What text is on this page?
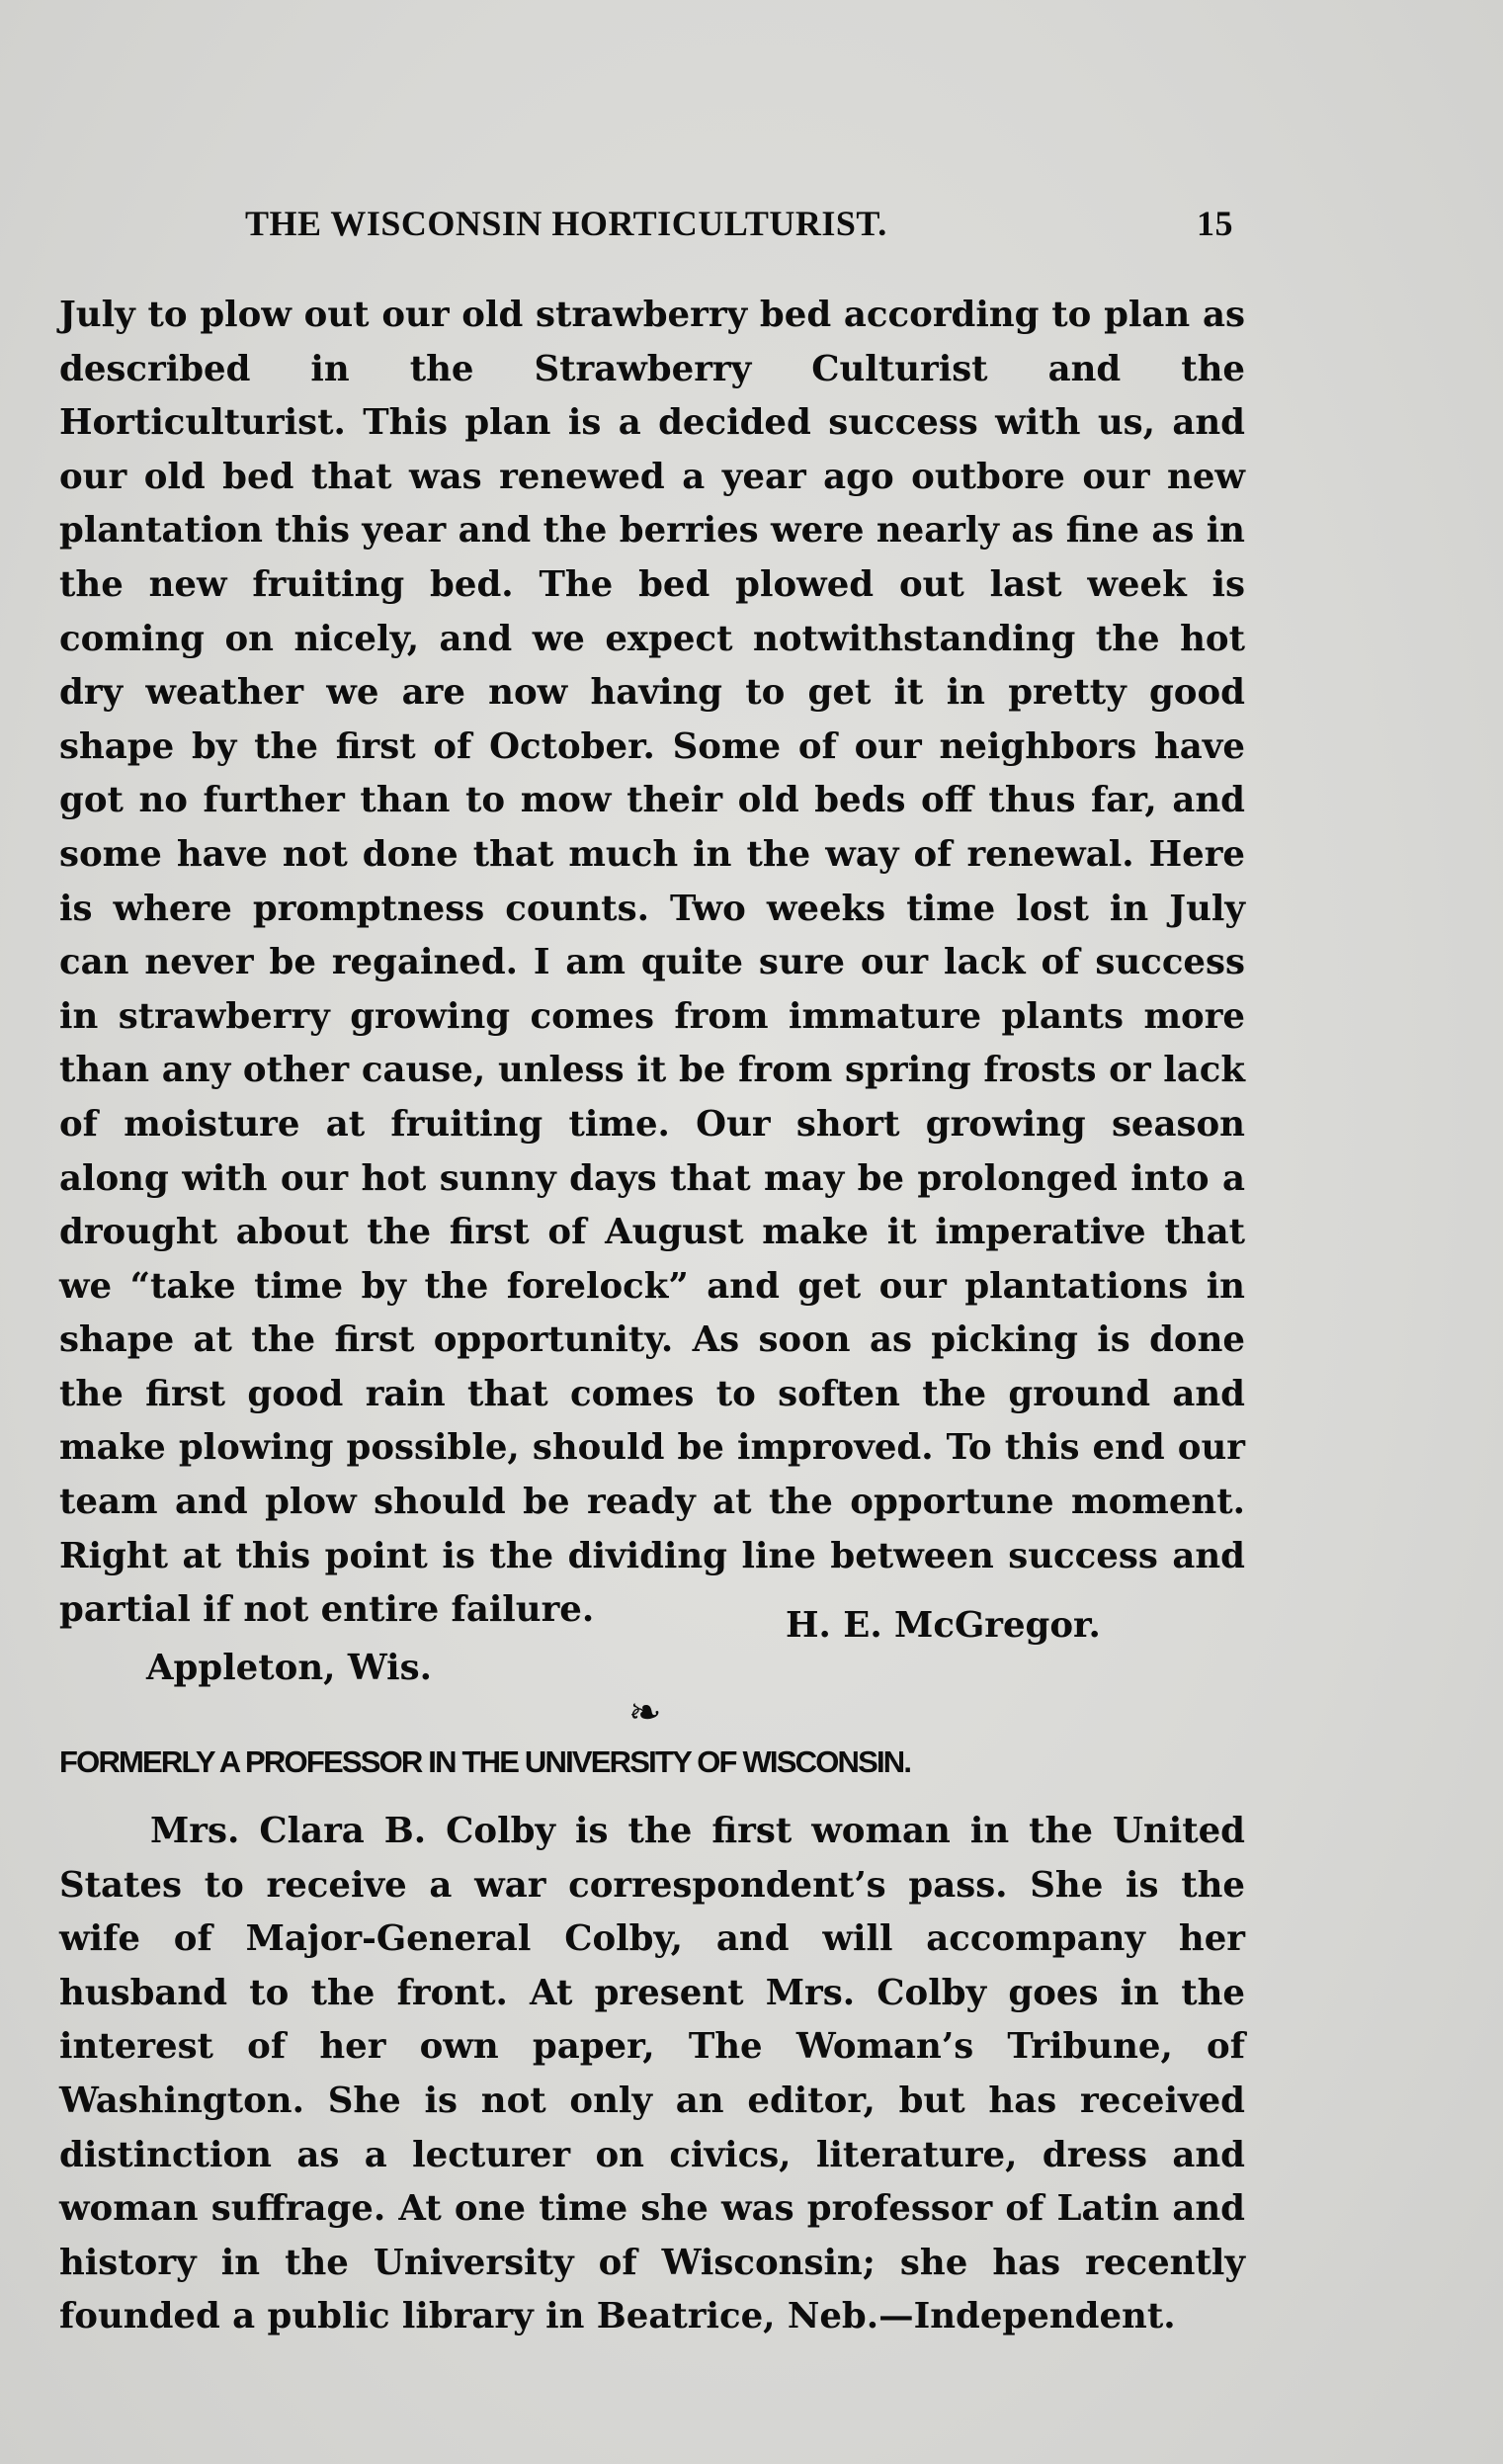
THE WISCONSIN HORTICULTURIST.	15

July to plow out our old strawberry bed according to plan as described in the Strawberry Culturist and the Horticulturist. This plan is a decided success with us, and our old bed that was renewed a year ago outbore our new plantation this year and the berries were nearly as fine as in the new fruiting bed. The bed plowed out last week is coming on nicely, and we expect notwithstanding the hot dry weather we are now having to get it in pretty good shape by the first of October. Some of our neighbors have got no further than to mow their old beds off thus far, and some have not done that much in the way of renewal. Here is where promptness counts. Two weeks time lost in July can never be regained. I am quite sure our lack of success in strawberry growing comes from immature plants more than any other cause, unless it be from spring frosts or lack of moisture at fruiting time. Our short growing season along with our hot sunny days that may be prolonged into a drought about the first of August make it imperative that we “take time by the forelock” and get our plantations in shape at the first opportunity. As soon as picking is done the first good rain that comes to soften the ground and make plowing possible, should be improved. To this end our team and plow should be ready at the opportune moment. Right at this point is the dividing line between success and partial if not entire failure.	H. E. McGregor.
Appleton, Wis.
❧
FORMERLY A PROFESSOR IN THE UNIVERSITY OF WISCONSIN.

Mrs. Clara B. Colby is the first woman in the United States to receive a war correspondent’s pass. She is the wife of Major-General Colby, and will accompany her husband to the front. At present Mrs. Colby goes in the interest of her own paper, The Woman’s Tribune, of Washington. She is not only an editor, but has received distinction as a lecturer on civics, literature, dress and woman suffrage. At one time she was professor of Latin and history in the University of Wisconsin; she has recently founded a public library in Beatrice, Neb.—Independent.
